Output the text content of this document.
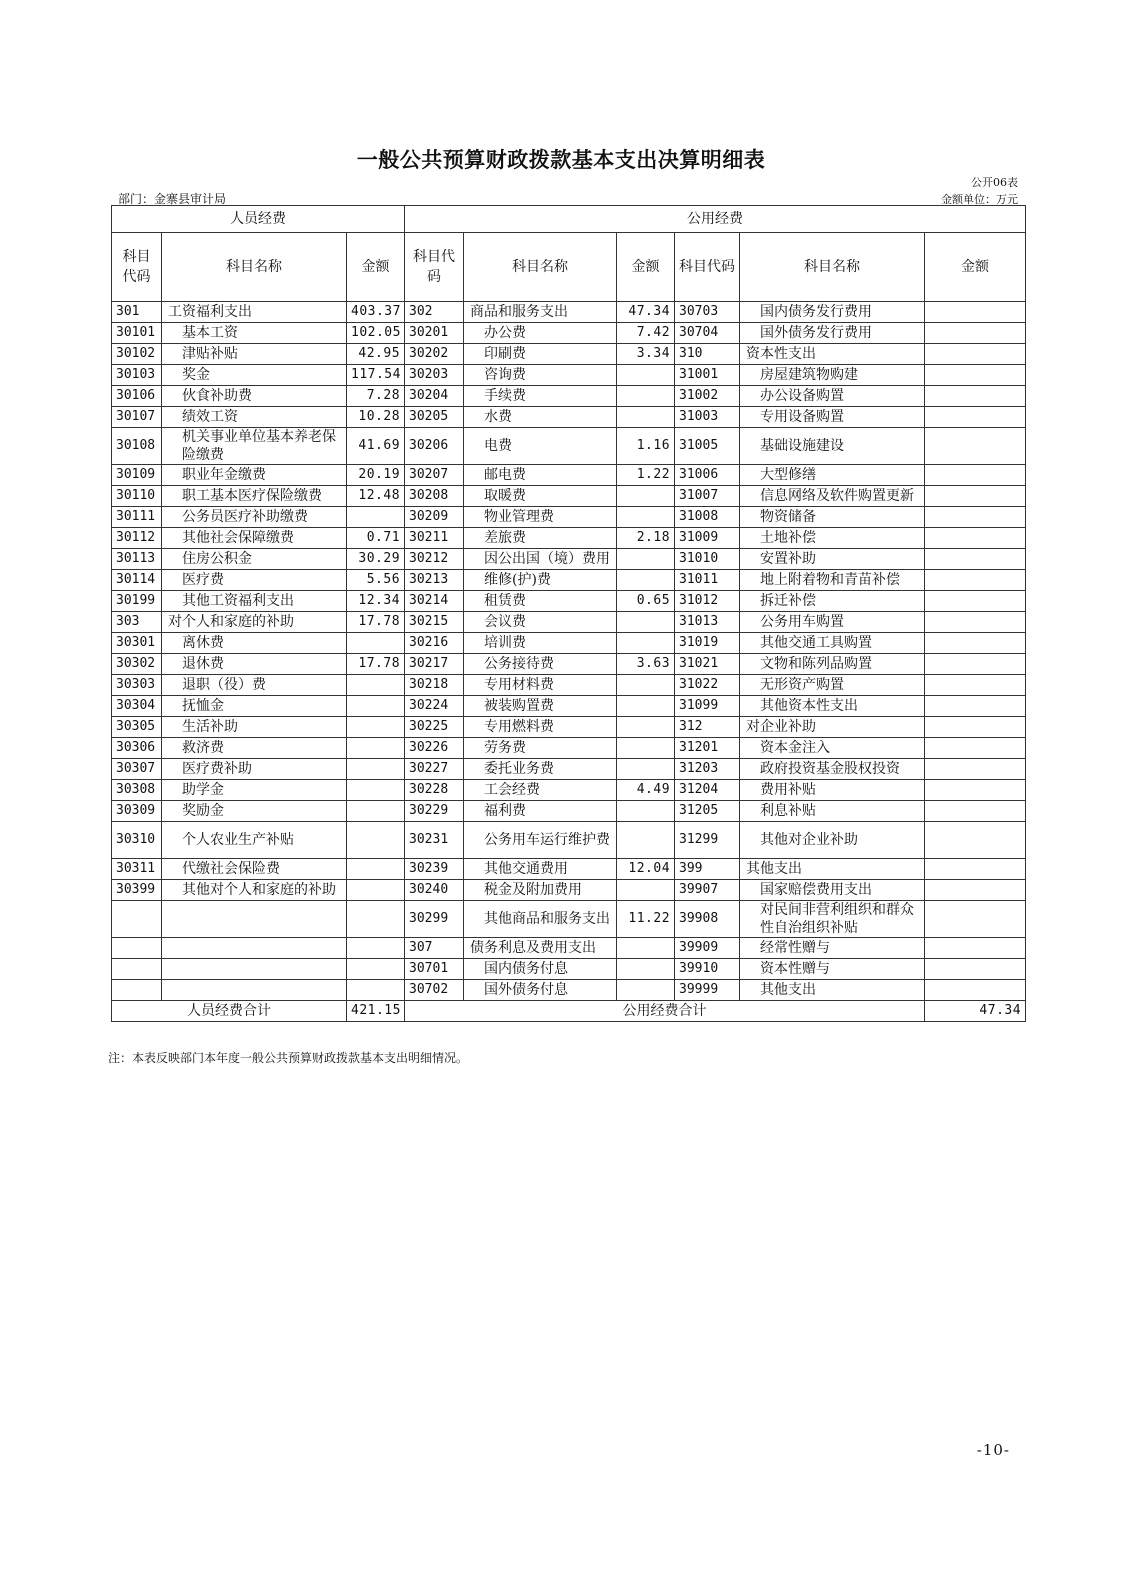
一般公共预算财政拨款基本支出决算明细表
公开06表
部门：金寨县审计局	金额单位：万元
人员经费			公用经费					
科目代码	科目名称	金额	科目代码	科目名称	金额	科目代码	科目名称	金额
301	工资福利支出	403.37	302	商品和服务支出	47.34	30703	国内债务发行费用	
30101	基本工资	102.05	30201	办公费	7.42	30704	国外债务发行费用	
30102	津贴补贴	42.95	30202	印刷费	3.34	310	资本性支出	
30103	奖金	117.54	30203	咨询费		31001	房屋建筑物购建	
30106	伙食补助费	7.28	30204	手续费		31002	办公设备购置	
30107	绩效工资	10.28	30205	水费		31003	专用设备购置	
30108	机关事业单位基本养老保险缴费	41.69	30206	电费	1.16	31005	基础设施建设	
30109	职业年金缴费	20.19	30207	邮电费	1.22	31006	大型修缮	
30110	职工基本医疗保险缴费	12.48	30208	取暖费		31007	信息网络及软件购置更新	
30111	公务员医疗补助缴费		30209	物业管理费		31008	物资储备	
30112	其他社会保障缴费	0.71	30211	差旅费	2.18	31009	土地补偿	
30113	住房公积金	30.29	30212	因公出国（境）费用		31010	安置补助	
30114	医疗费	5.56	30213	维修(护)费		31011	地上附着物和青苗补偿	
30199	其他工资福利支出	12.34	30214	租赁费	0.65	31012	拆迁补偿	
303	对个人和家庭的补助	17.78	30215	会议费		31013	公务用车购置	
30301	离休费		30216	培训费		31019	其他交通工具购置	
30302	退休费	17.78	30217	公务接待费	3.63	31021	文物和陈列品购置	
30303	退职（役）费		30218	专用材料费		31022	无形资产购置	
30304	抚恤金		30224	被装购置费		31099	其他资本性支出	
30305	生活补助		30225	专用燃料费		312	对企业补助	
30306	救济费		30226	劳务费		31201	资本金注入	
30307	医疗费补助		30227	委托业务费		31203	政府投资基金股权投资	
30308	助学金		30228	工会经费	4.49	31204	费用补贴	
30309	奖励金		30229	福利费		31205	利息补贴	
30310	个人农业生产补贴		30231	公务用车运行维护费		31299	其他对企业补助	
30311	代缴社会保险费		30239	其他交通费用	12.04	399	其他支出	
30399	其他对个人和家庭的补助		30240	税金及附加费用		39907	国家赔偿费用支出	
			30299	其他商品和服务支出	11.22	39908	对民间非营利组织和群众性自治组织补贴	
			307	债务利息及费用支出		39909	经常性赠与	
			30701	国内债务付息		39910	资本性赠与	
			30702	国外债务付息		39999	其他支出	
人员经费合计		421.15	公用经费合计					47.34
注：本表反映部门本年度一般公共预算财政拨款基本支出明细情况。
-10-
